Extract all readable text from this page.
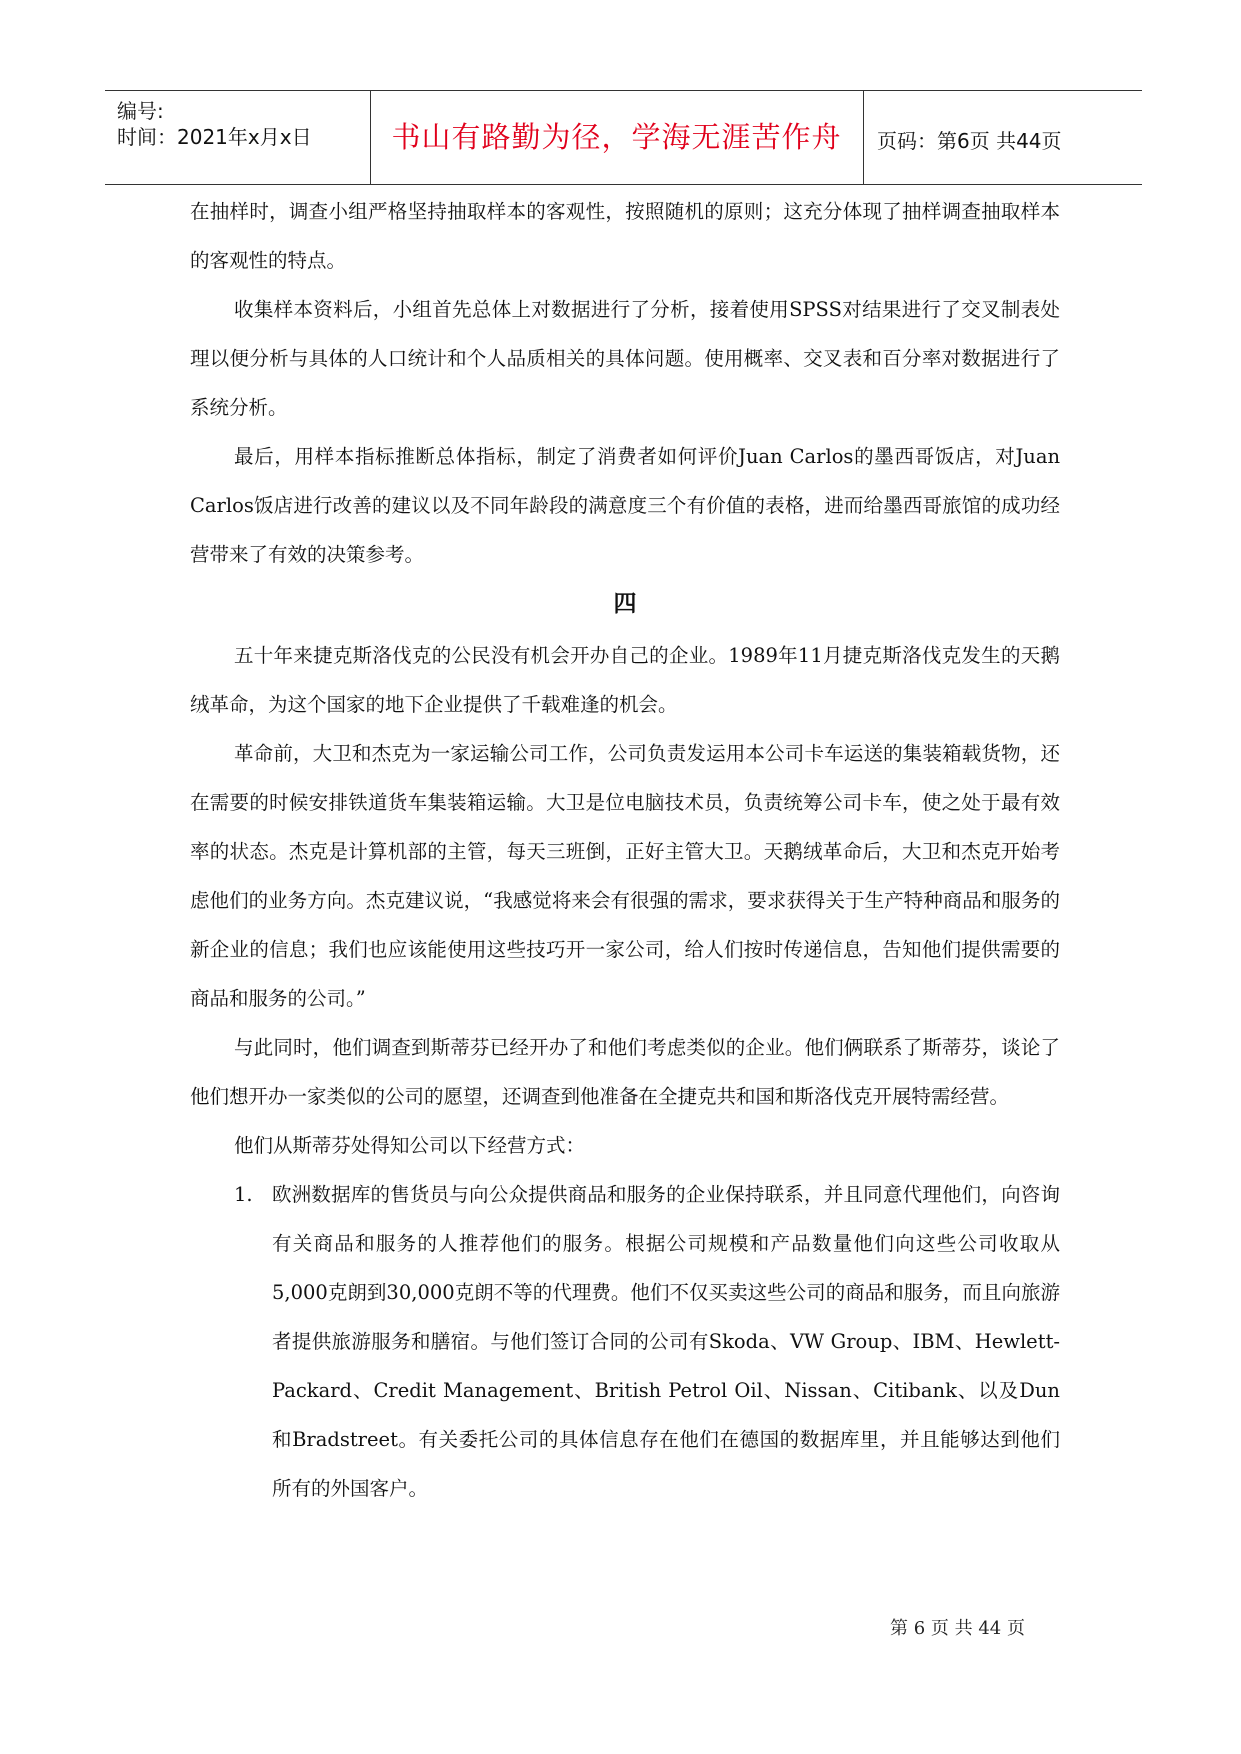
编号:
时间：2021年x月x日	书山有路勤为径，学海无涯苦作舟	页码：第6页 共44页

在抽样时，调查小组严格坚持抽取样本的客观性，按照随机的原则；这充分体现了抽样调查抽取样本的客观性的特点。

收集样本资料后，小组首先总体上对数据进行了分析，接着使用SPSS对结果进行了交叉制表处理以便分析与具体的人口统计和个人品质相关的具体问题。使用概率、交叉表和百分率对数据进行了系统分析。

最后，用样本指标推断总体指标，制定了消费者如何评价Juan Carlos的墨西哥饭店，对Juan Carlos饭店进行改善的建议以及不同年龄段的满意度三个有价值的表格，进而给墨西哥旅馆的成功经营带来了有效的决策参考。

四

五十年来捷克斯洛伐克的公民没有机会开办自己的企业。1989年11月捷克斯洛伐克发生的天鹅绒革命，为这个国家的地下企业提供了千载难逢的机会。

革命前，大卫和杰克为一家运输公司工作，公司负责发运用本公司卡车运送的集装箱载货物，还在需要的时候安排铁道货车集装箱运输。大卫是位电脑技术员，负责统筹公司卡车，使之处于最有效率的状态。杰克是计算机部的主管，每天三班倒，正好主管大卫。天鹅绒革命后，大卫和杰克开始考虑他们的业务方向。杰克建议说，“我感觉将来会有很强的需求，要求获得关于生产特种商品和服务的新企业的信息；我们也应该能使用这些技巧开一家公司，给人们按时传递信息，告知他们提供需要的商品和服务的公司。”

与此同时，他们调查到斯蒂芬已经开办了和他们考虑类似的企业。他们俩联系了斯蒂芬，谈论了他们想开办一家类似的公司的愿望，还调查到他准备在全捷克共和国和斯洛伐克开展特需经营。

他们从斯蒂芬处得知公司以下经营方式：

1. 欧洲数据库的售货员与向公众提供商品和服务的企业保持联系，并且同意代理他们，向咨询有关商品和服务的人推荐他们的服务。根据公司规模和产品数量他们向这些公司收取从5,000克朗到30,000克朗不等的代理费。他们不仅买卖这些公司的商品和服务，而且向旅游者提供旅游服务和膳宿。与他们签订合同的公司有Skoda、VW Group、IBM、Hewlett-Packard、Credit Management、British Petrol Oil、Nissan、Citibank、以及Dun和Bradstreet。有关委托公司的具体信息存在他们在德国的数据库里，并且能够达到他们所有的外国客户。

第 6 页 共 44 页
